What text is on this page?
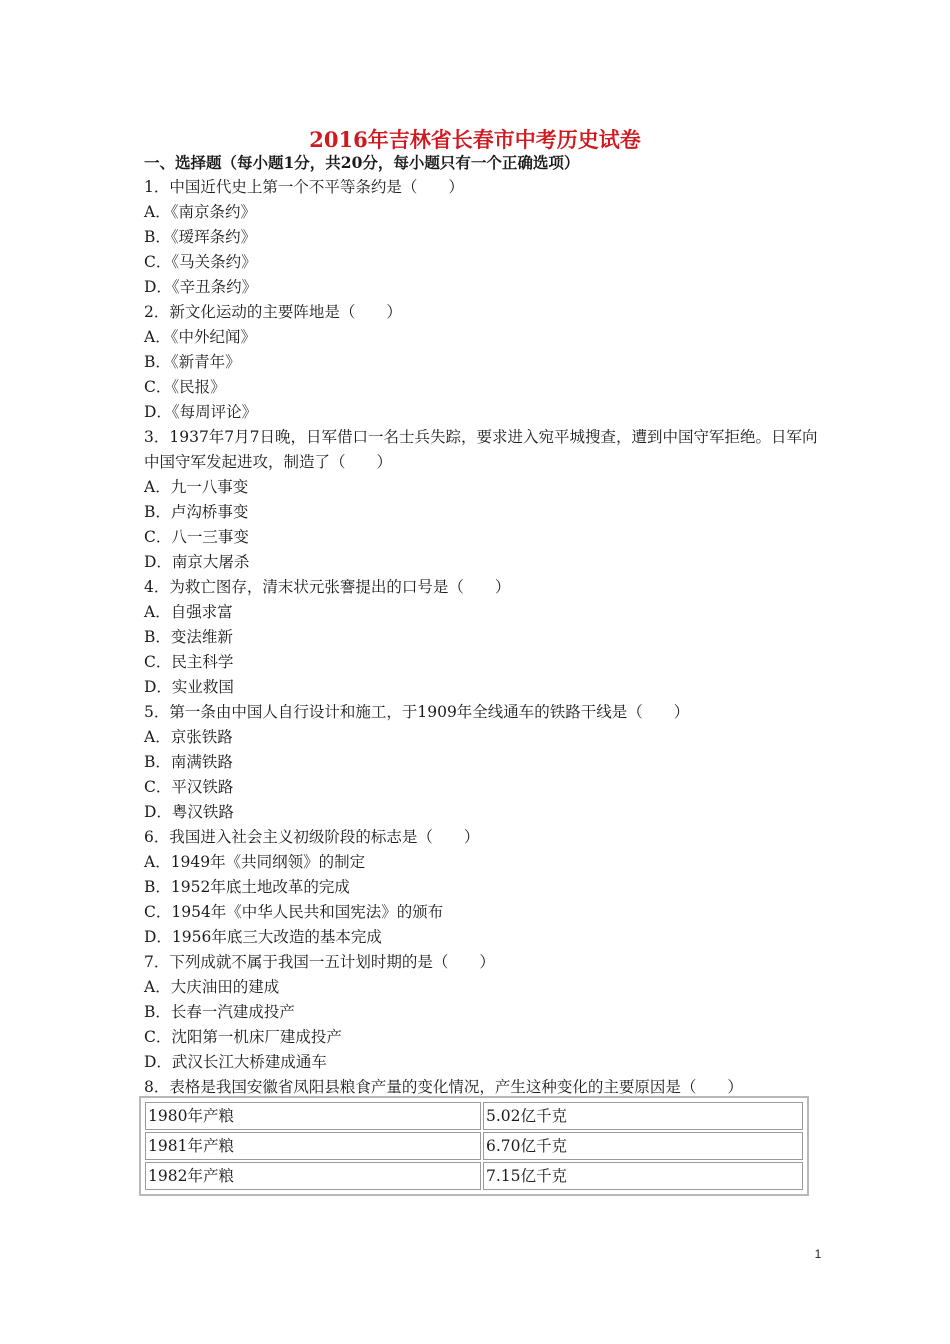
2016年吉林省长春市中考历史试卷
一、选择题（每小题1分，共20分，每小题只有一个正确选项）
1．中国近代史上第一个不平等条约是（　　）
A．《南京条约》
B．《瑷珲条约》
C．《马关条约》
D．《辛丑条约》
2．新文化运动的主要阵地是（　　）
A．《中外纪闻》
B．《新青年》
C．《民报》
D．《每周评论》
3．1937年7月7日晚，日军借口一名士兵失踪，要求进入宛平城搜查，遭到中国守军拒绝。日军向中国守军发起进攻，制造了（　　）
A．九一八事变
B．卢沟桥事变
C．八一三事变
D．南京大屠杀
4．为救亡图存，清末状元张謇提出的口号是（　　）
A．自强求富
B．变法维新
C．民主科学
D．实业救国
5．第一条由中国人自行设计和施工，于1909年全线通车的铁路干线是（　　）
A．京张铁路
B．南满铁路
C．平汉铁路
D．粤汉铁路
6．我国进入社会主义初级阶段的标志是（　　）
A．1949年《共同纲领》的制定
B．1952年底土地改革的完成
C．1954年《中华人民共和国宪法》的颁布
D．1956年底三大改造的基本完成
7．下列成就不属于我国一五计划时期的是（　　）
A．大庆油田的建成
B．长春一汽建成投产
C．沈阳第一机床厂建成投产
D．武汉长江大桥建成通车
8．表格是我国安徽省凤阳县粮食产量的变化情况，产生这种变化的主要原因是（　　）
1980年产粮	5.02亿千克
1981年产粮	6.70亿千克
1982年产粮	7.15亿千克
1
